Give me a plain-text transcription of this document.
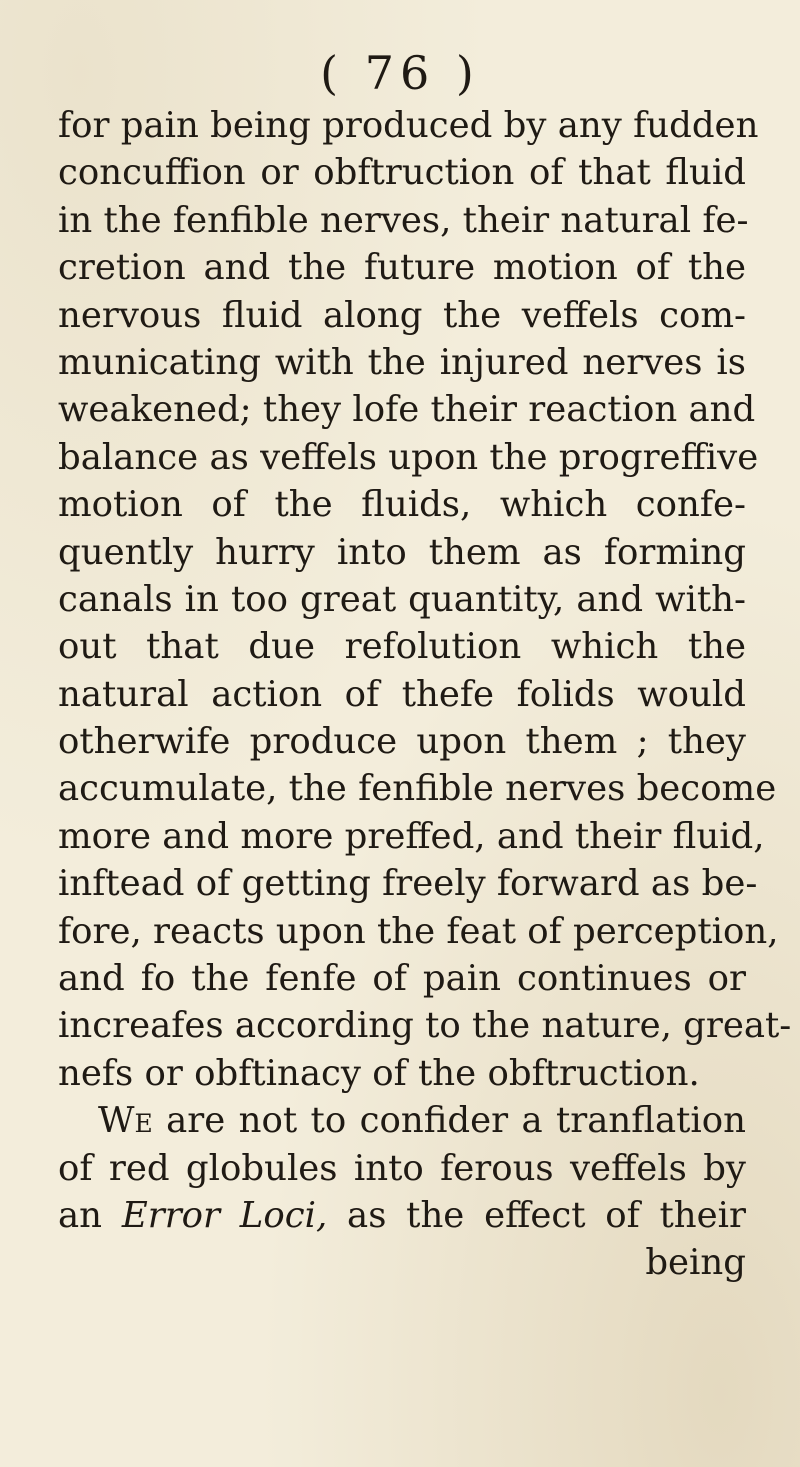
( 76 )
for pain being produced by any fudden
concuffion or obftruction of that fluid
in the fenfible nerves, their natural fe-
cretion and the future motion of the
nervous fluid along the veffels com-
municating with the injured nerves is
weakened; they lofe their reaction and
balance as veffels upon the progreffive
motion of the fluids, which confe-
quently hurry into them as forming
canals in too great quantity, and with-
out that due refolution which the
natural action of thefe folids would
otherwife produce upon them ; they
accumulate, the fenfible nerves become
more and more preffed, and their fluid,
inftead of getting freely forward as be-
fore, reacts upon the feat of perception,
and fo the fenfe of pain continues or
increafes according to the nature, great-
nefs or obftinacy of the obftruction.
We are not to confider a tranflation
of red globules into ferous veffels by
an Error Loci, as the effect of their
being
